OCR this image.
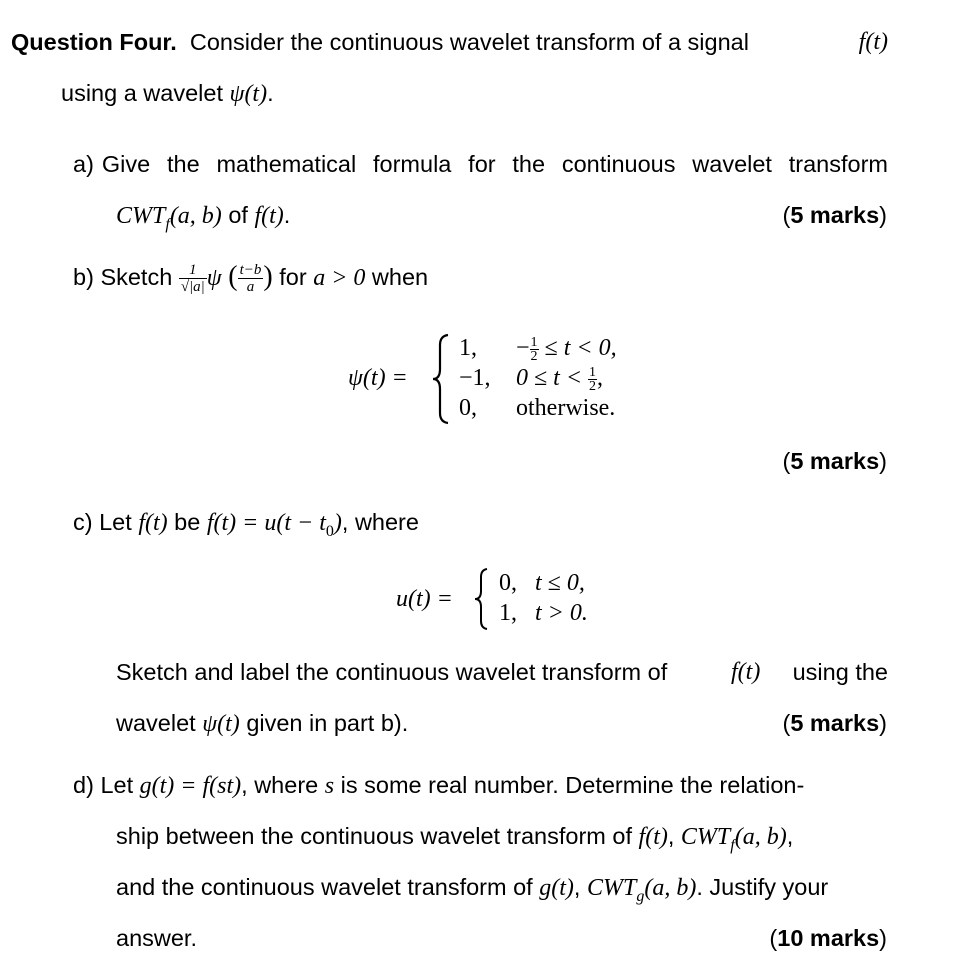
Question Four. Consider the continuous wavelet transform of a signal	f(t)
using a wavelet ψ(t).
a) Give the mathematical formula for the continuous wavelet transform
$CWT_f(a$, b) of f(t).	(5 marks)
b) Sketch $\frac{1}{√|a|}$ ψ ( $\frac{t-b}{a}$ ) for a > 0 when
ψ(t) =
1, − $\frac{1}{2} \le t < 0$,
−1, $0 \le t < \frac{1}{2}$ ,
0, otherwise.
(5 marks)
c) Let f(t) be $f(t) = u(t - t_0)$, where
u(t) =
0, t ≤ 0,
1, t > 0.
Sketch and label the continuous wavelet transform of	f(t) using the
wavelet ψ(t) given in part b).	(5 marks)
d) Let g(t) = f(st), where s is some real number. Determine the relation-
ship between the continuous wavelet transform of f(t), $CWT_f(a$, b),
and the continuous wavelet transform of g(t), $CWT_g(a$, b). Justify your
answer.	(10 marks)
